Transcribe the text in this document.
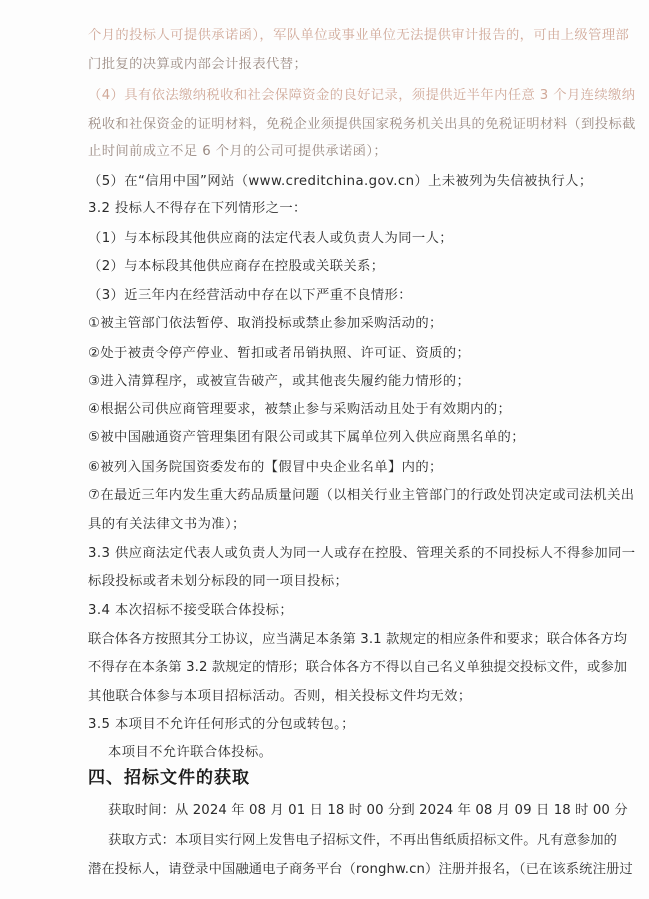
个月的投标人可提供承诺函），军队单位或事业单位无法提供审计报告的，可由上级管理部
门批复的决算或内部会计报表代替；
（4）具有依法缴纳税收和社会保障资金的良好记录，须提供近半年内任意 3 个月连续缴纳
税收和社保资金的证明材料，免税企业须提供国家税务机关出具的免税证明材料（到投标截
止时间前成立不足 6 个月的公司可提供承诺函）；
（5）在“信用中国”网站（www.creditchina.gov.cn）上未被列为失信被执行人；
3.2 投标人不得存在下列情形之一：
（1）与本标段其他供应商的法定代表人或负责人为同一人；
（2）与本标段其他供应商存在控股或关联关系；
（3）近三年内在经营活动中存在以下严重不良情形：
①被主管部门依法暂停、取消投标或禁止参加采购活动的；
②处于被责令停产停业、暂扣或者吊销执照、许可证、资质的；
③进入清算程序，或被宣告破产，或其他丧失履约能力情形的；
④根据公司供应商管理要求，被禁止参与采购活动且处于有效期内的；
⑤被中国融通资产管理集团有限公司或其下属单位列入供应商黑名单的；
⑥被列入国务院国资委发布的【假冒中央企业名单】内的；
⑦在最近三年内发生重大药品质量问题（以相关行业主管部门的行政处罚决定或司法机关出
具的有关法律文书为准）；
3.3 供应商法定代表人或负责人为同一人或存在控股、管理关系的不同投标人不得参加同一
标段投标或者未划分标段的同一项目投标；
3.4 本次招标不接受联合体投标；
联合体各方按照其分工协议，应当满足本条第 3.1 款规定的相应条件和要求；联合体各方均
不得存在本条第 3.2 款规定的情形；联合体各方不得以自己名义单独提交投标文件，或参加
其他联合体参与本项目招标活动。否则，相关投标文件均无效；
3.5 本项目不允许任何形式的分包或转包。；
本项目不允许联合体投标。
四、招标文件的获取
获取时间：从 2024 年 08 月 01 日 18 时 00 分到 2024 年 08 月 09 日 18 时 00 分
获取方式：本项目实行网上发售电子招标文件，不再出售纸质招标文件。凡有意参加的
潜在投标人，请登录中国融通电子商务平台（ronghw.cn）注册并报名，（已在该系统注册过
